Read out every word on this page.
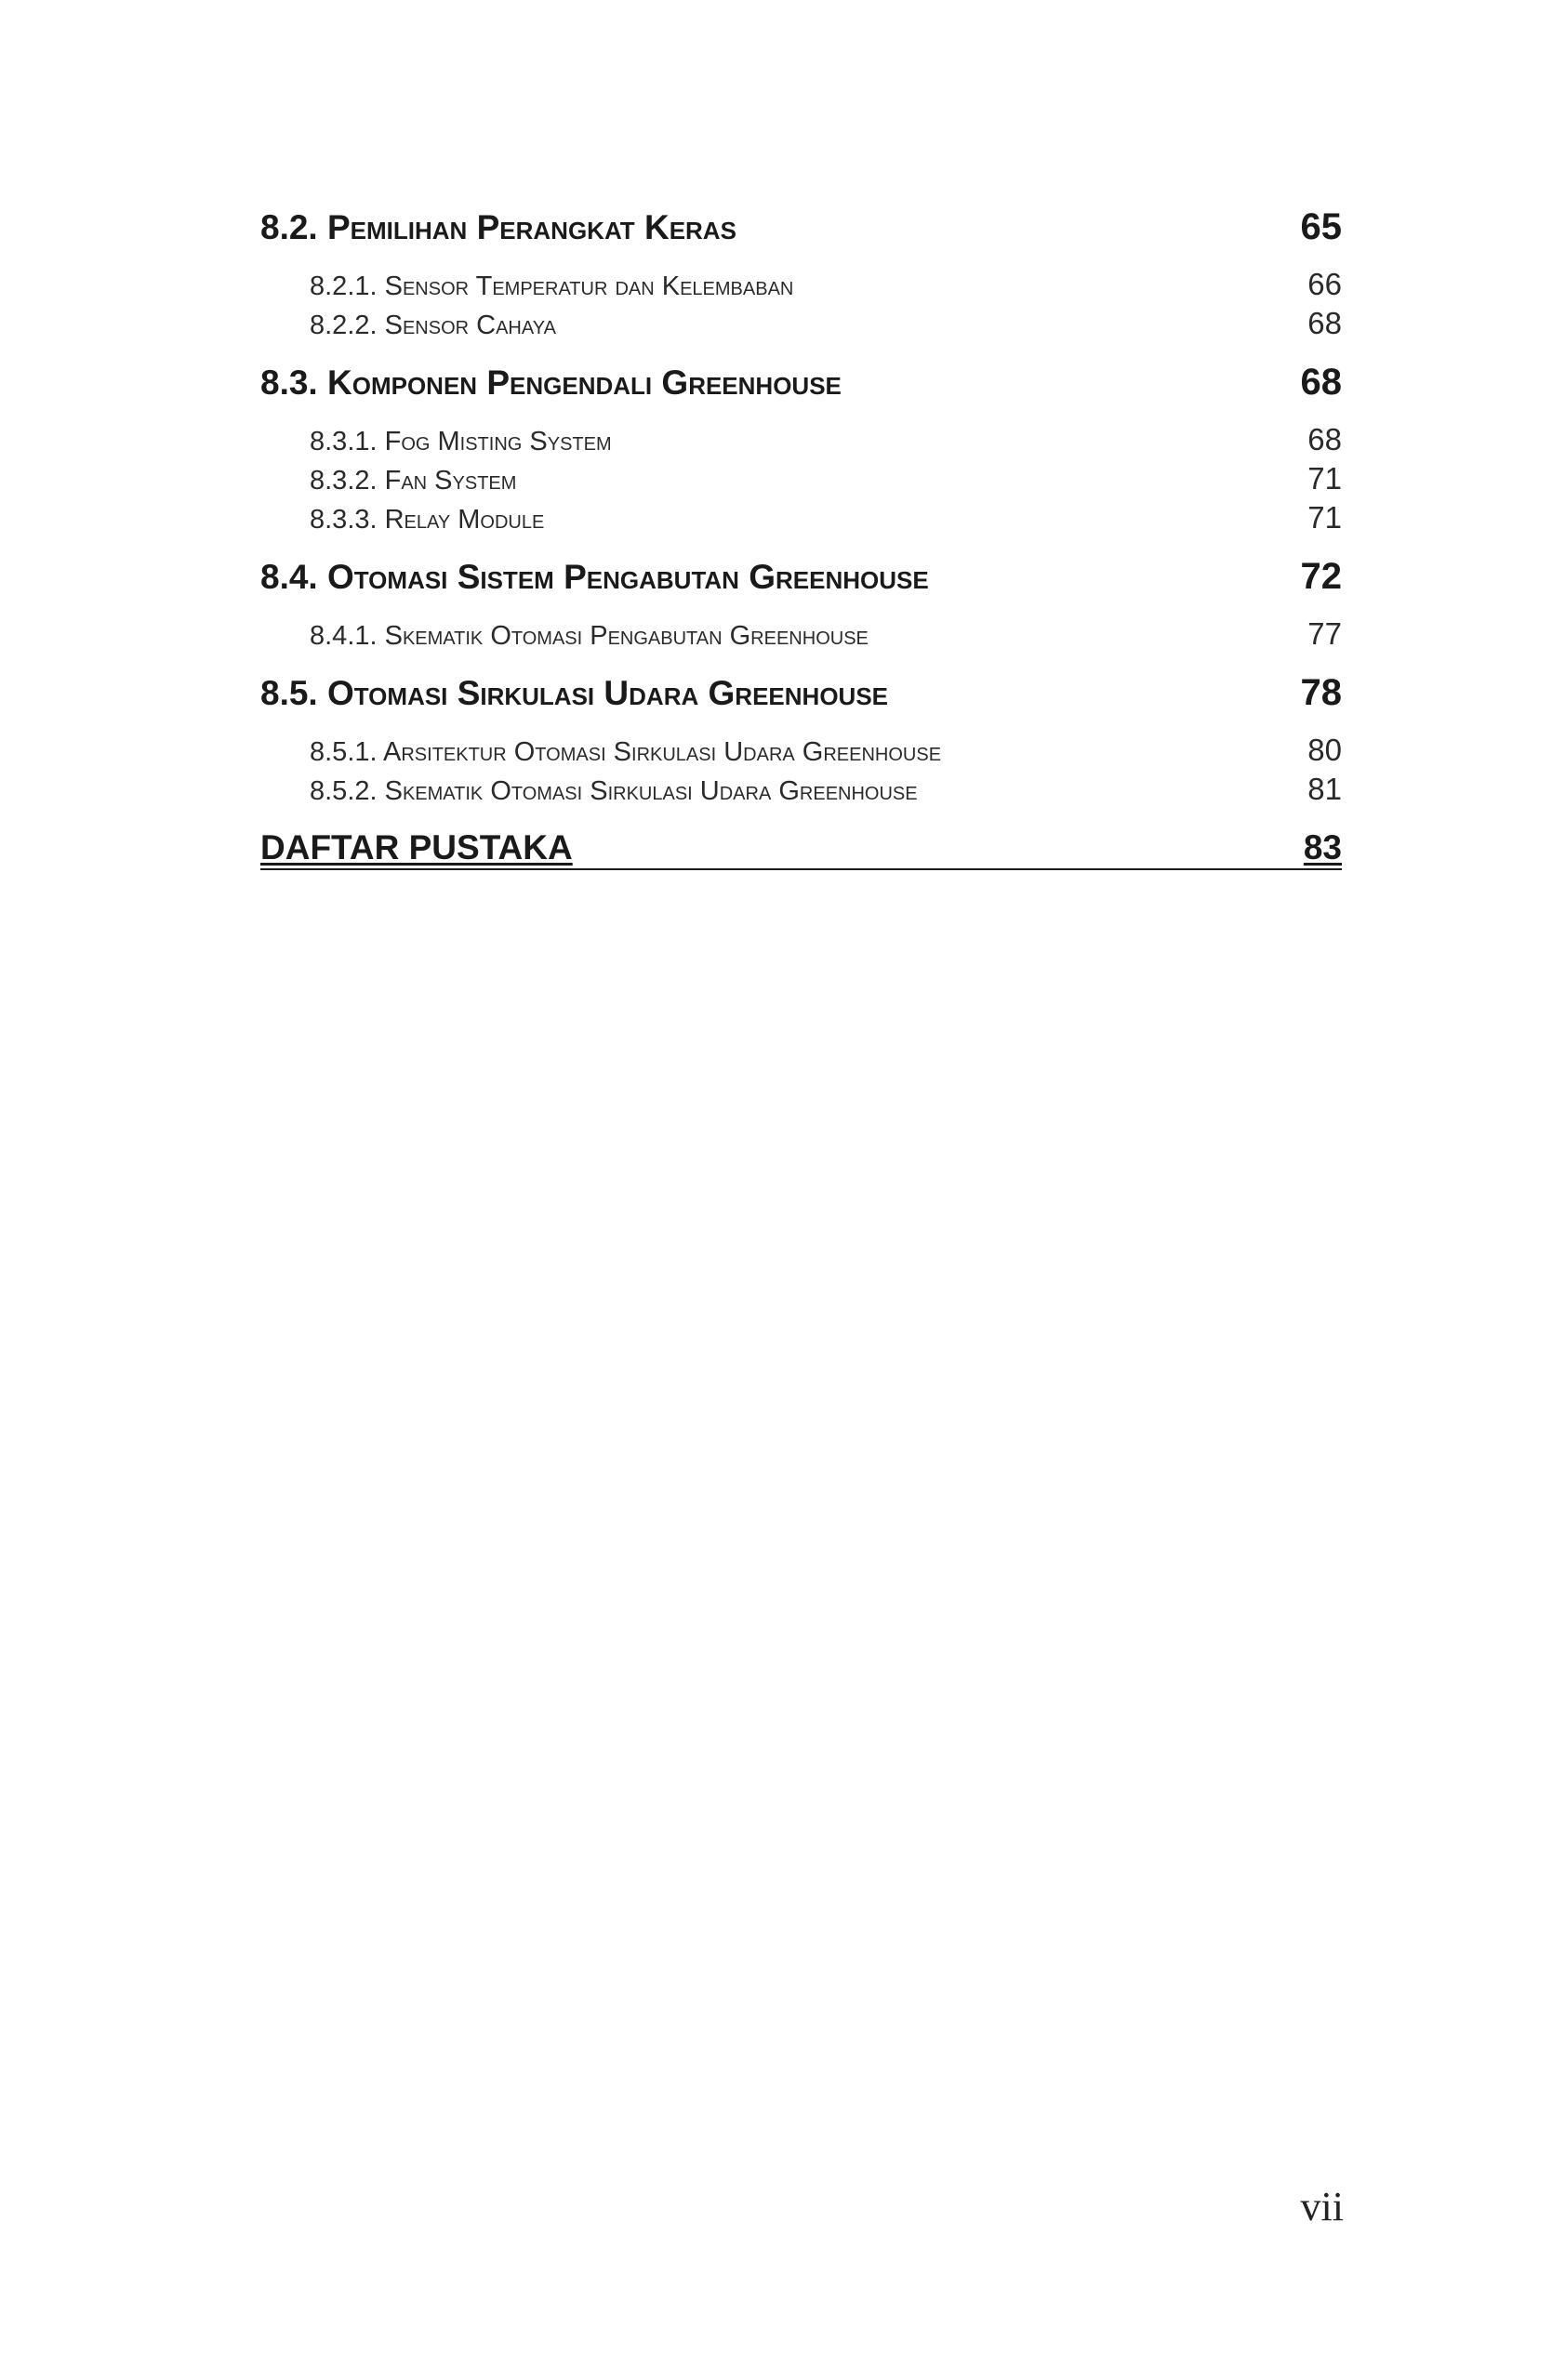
8.2. Pemilihan Perangkat Keras	65
8.2.1. Sensor Temperatur dan Kelembaban	66
8.2.2. Sensor Cahaya	68
8.3. Komponen Pengendali Greenhouse	68
8.3.1. Fog Misting System	68
8.3.2. Fan System	71
8.3.3. Relay Module	71
8.4. Otomasi Sistem Pengabutan Greenhouse	72
8.4.1. Skematik Otomasi Pengabutan Greenhouse	77
8.5. Otomasi Sirkulasi Udara Greenhouse	78
8.5.1. Arsitektur Otomasi Sirkulasi Udara Greenhouse	80
8.5.2. Skematik Otomasi Sirkulasi Udara Greenhouse	81
DAFTAR PUSTAKA	83
vii
